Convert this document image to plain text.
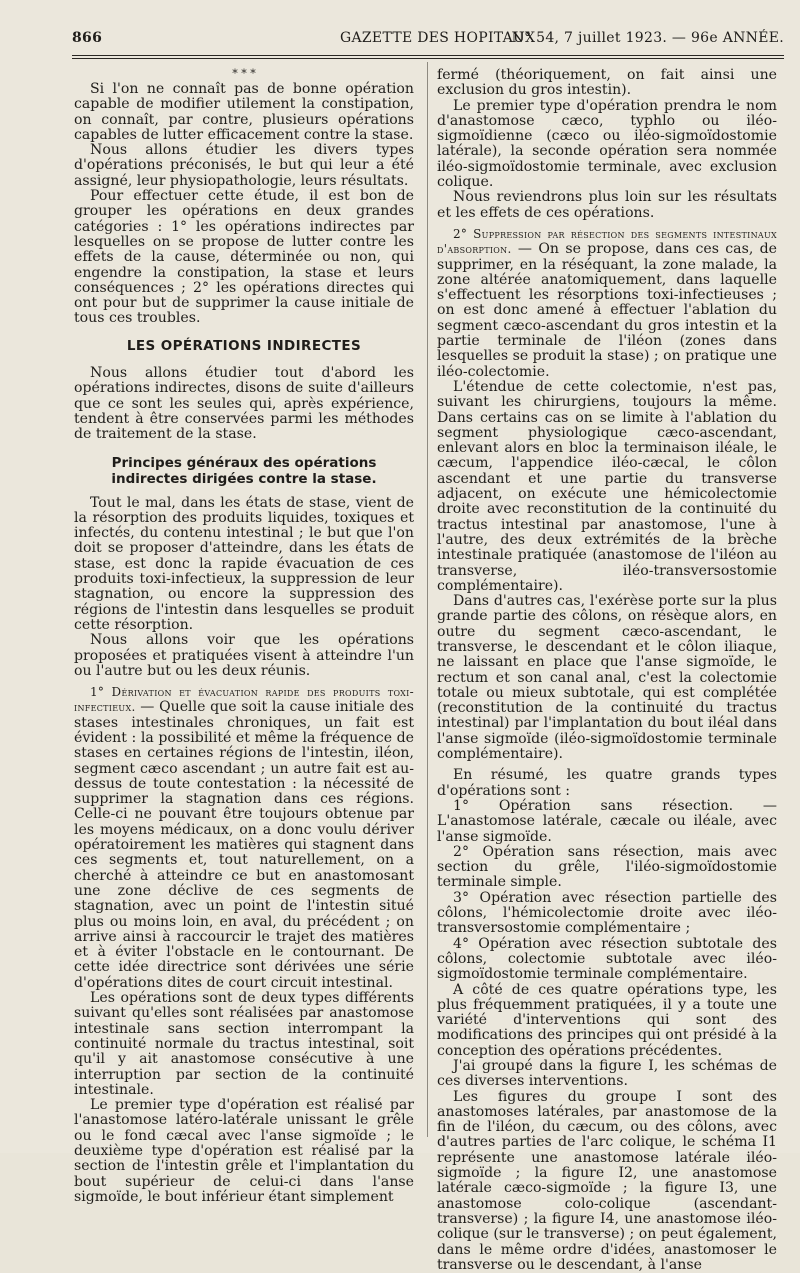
866	GAZETTE DES HOPITAUX
N° 54, 7 juillet 1923. — 96e ANNÉE.
* * *

Si l'on ne connaît pas de bonne opération capable de modifier utilement la constipation, on connaît, par contre, plusieurs opérations capables de lutter efficacement contre la stase.

Nous allons étudier les divers types d'opérations préconisés, le but qui leur a été assigné, leur physiopathologie, leurs résultats.

Pour effectuer cette étude, il est bon de grouper les opérations en deux grandes catégories : 1° les opérations indirectes par lesquelles on se propose de lutter contre les effets de la cause, déterminée ou non, qui engendre la constipation, la stase et leurs conséquences ; 2° les opérations directes qui ont pour but de supprimer la cause initiale de tous ces troubles.

LES OPÉRATIONS INDIRECTES

Nous allons étudier tout d'abord les opérations indirectes, disons de suite d'ailleurs que ce sont les seules qui, après expérience, tendent à être conservées parmi les méthodes de traitement de la stase.

Principes généraux des opérations indirectes dirigées contre la stase.

Tout le mal, dans les états de stase, vient de la résorption des produits liquides, toxiques et infectés, du contenu intestinal ; le but que l'on doit se proposer d'atteindre, dans les états de stase, est donc la rapide évacuation de ces produits toxi-infectieux, la suppression de leur stagnation, ou encore la suppression des régions de l'intestin dans lesquelles se produit cette résorption.

Nous allons voir que les opérations proposées et pratiquées visent à atteindre l'un ou l'autre but ou les deux réunis.

1° Dérivation et évacuation rapide des produits toxi-infectieux. — Quelle que soit la cause initiale des stases intestinales chroniques, un fait est évident : la possibilité et même la fréquence de stases en certaines régions de l'intestin, iléon, segment cæco ascendant ; un autre fait est au-dessus de toute contestation : la nécessité de supprimer la stagnation dans ces régions. Celle-ci ne pouvant être toujours obtenue par les moyens médicaux, on a donc voulu dériver opératoirement les matières qui stagnent dans ces segments et, tout naturellement, on a cherché à atteindre ce but en anastomosant une zone déclive de ces segments de stagnation, avec un point de l'intestin situé plus ou moins loin, en aval, du précédent ; on arrive ainsi à raccourcir le trajet des matières et à éviter l'obstacle en le contournant. De cette idée directrice sont dérivées une série d'opérations dites de court circuit intestinal.

Les opérations sont de deux types différents suivant qu'elles sont réalisées par anastomose intestinale sans section interrompant la continuité normale du tractus intestinal, soit qu'il y ait anastomose consécutive à une interruption par section de la continuité intestinale.

Le premier type d'opération est réalisé par l'anastomose latéro-latérale unissant le grêle ou le fond cæcal avec l'anse sigmoïde ; le deuxième type d'opération est réalisé par la section de l'intestin grêle et l'implantation du bout supérieur de celui-ci dans l'anse sigmoïde, le bout inférieur étant simplement

fermé (théoriquement, on fait ainsi une exclusion du gros intestin).

Le premier type d'opération prendra le nom d'anastomose cæco, typhlo ou iléo-sigmoïdienne (cæco ou iléo-sigmoïdostomie latérale), la seconde opération sera nommée iléo-sigmoïdostomie terminale, avec exclusion colique.

Nous reviendrons plus loin sur les résultats et les effets de ces opérations.

2° Suppression par résection des segments intestinaux d'absorption. — On se propose, dans ces cas, de supprimer, en la réséquant, la zone malade, la zone altérée anatomiquement, dans laquelle s'effectuent les résorptions toxi-infectieuses ; on est donc amené à effectuer l'ablation du segment cæco-ascendant du gros intestin et la partie terminale de l'iléon (zones dans lesquelles se produit la stase) ; on pratique une iléo-colectomie.

L'étendue de cette colectomie, n'est pas, suivant les chirurgiens, toujours la même. Dans certains cas on se limite à l'ablation du segment physiologique cæco-ascendant, enlevant alors en bloc la terminaison iléale, le cæcum, l'appendice iléo-cæcal, le côlon ascendant et une partie du transverse adjacent, on exécute une hémicolectomie droite avec reconstitution de la continuité du tractus intestinal par anastomose, l'une à l'autre, des deux extrémités de la brèche intestinale pratiquée (anastomose de l'iléon au transverse, iléo-transversostomie complémentaire).

Dans d'autres cas, l'exérèse porte sur la plus grande partie des côlons, on résèque alors, en outre du segment cæco-ascendant, le transverse, le descendant et le côlon iliaque, ne laissant en place que l'anse sigmoïde, le rectum et son canal anal, c'est la colectomie totale ou mieux subtotale, qui est complétée (reconstitution de la continuité du tractus intestinal) par l'implantation du bout iléal dans l'anse sigmoïde (iléo-sigmoïdostomie terminale complémentaire).

En résumé, les quatre grands types d'opérations sont :

1° Opération sans résection. — L'anastomose latérale, cæcale ou iléale, avec l'anse sigmoïde.

2° Opération sans résection, mais avec section du grêle, l'iléo-sigmoïdostomie terminale simple.

3° Opération avec résection partielle des côlons, l'hémicolectomie droite avec iléo-transversostomie complémentaire ;

4° Opération avec résection subtotale des côlons, colectomie subtotale avec iléo-sigmoïdostomie terminale complémentaire.

A côté de ces quatre opérations type, les plus fréquemment pratiquées, il y a toute une variété d'interventions qui sont des modifications des principes qui ont présidé à la conception des opérations précédentes.

J'ai groupé dans la figure I, les schémas de ces diverses interventions.

Les figures du groupe I sont des anastomoses latérales, par anastomose de la fin de l'iléon, du cæcum, ou des côlons, avec d'autres parties de l'arc colique, le schéma I1 représente une anastomose latérale iléo-sigmoïde ; la figure I2, une anastomose latérale cæco-sigmoïde ; la figure I3, une anastomose colo-colique (ascendant-transverse) ; la figure I4, une anastomose iléo-colique (sur le transverse) ; on peut également, dans le même ordre d'idées, anastomoser le transverse ou le descendant, à l'anse
